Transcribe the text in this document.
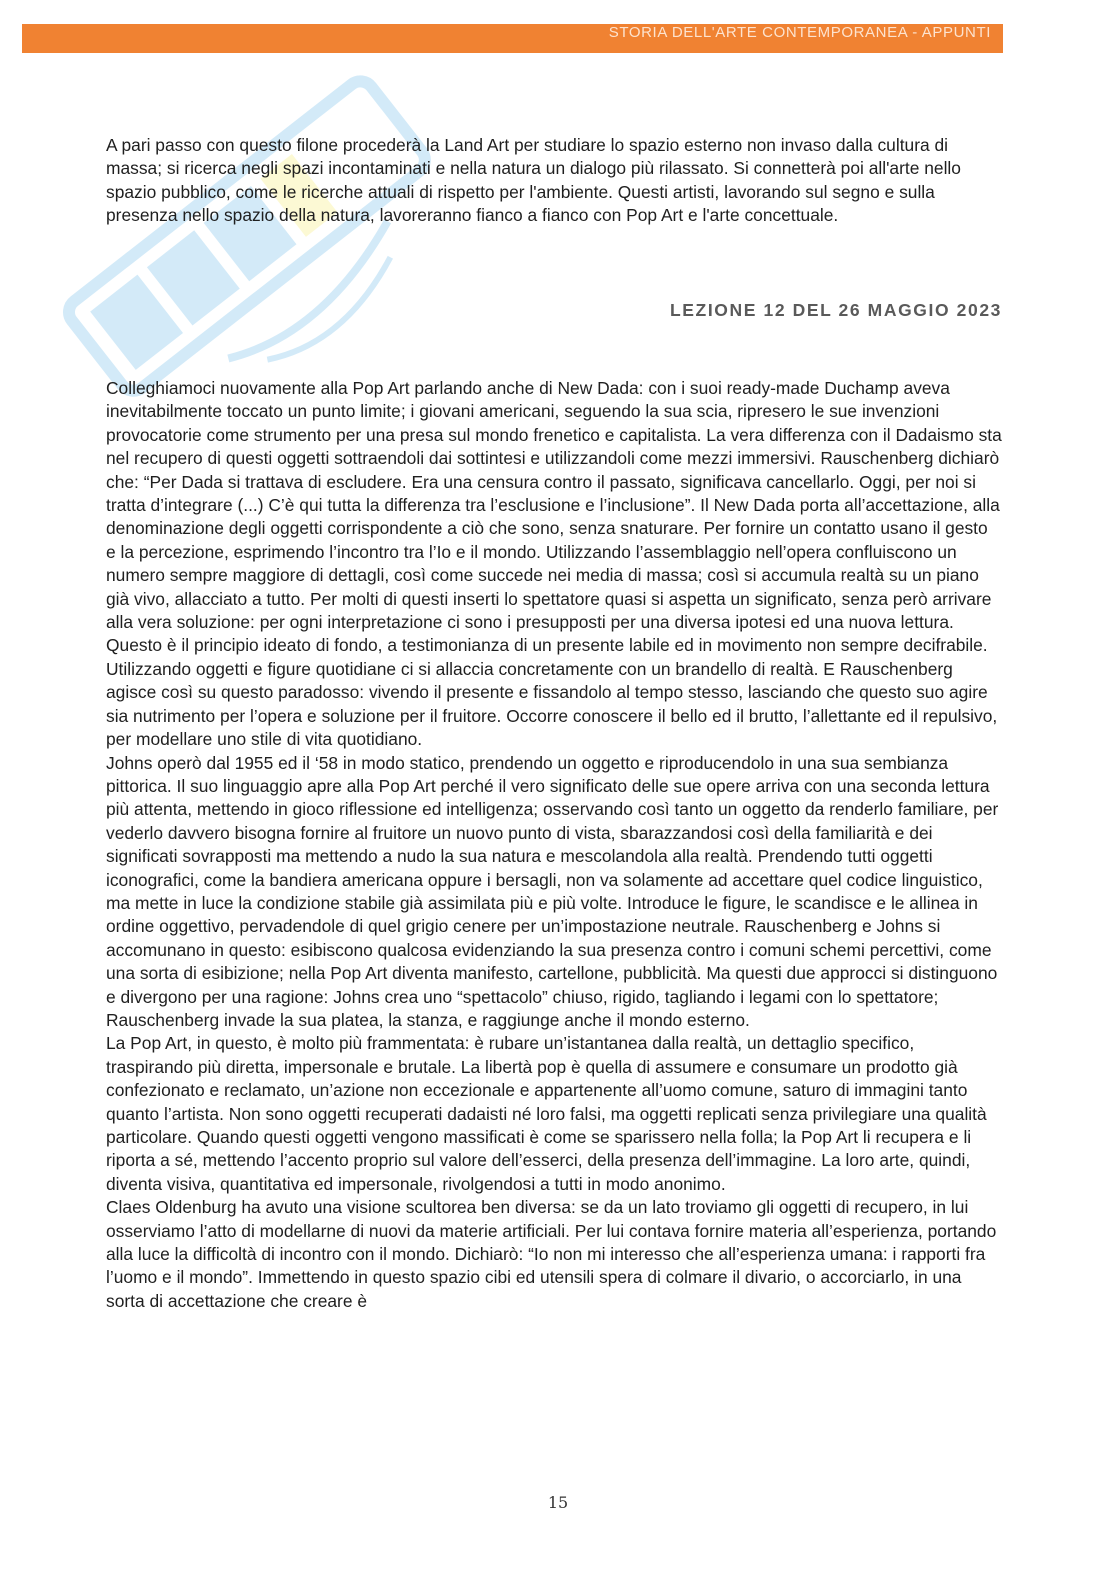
STORIA DELL'ARTE CONTEMPORANEA - APPUNTI

A pari passo con questo filone procederà la Land Art per studiare lo spazio esterno non invaso dalla cultura di massa; si ricerca negli spazi incontaminati e nella natura un dialogo più rilassato. Si connetterà poi all'arte nello spazio pubblico, come le ricerche attuali di rispetto per l'ambiente. Questi artisti, lavorando sul segno e sulla presenza nello spazio della natura, lavoreranno fianco a fianco con Pop Art e l'arte concettuale.

LEZIONE 12 DEL 26 MAGGIO 2023

Colleghiamoci nuovamente alla Pop Art parlando anche di New Dada: con i suoi ready-made Duchamp aveva inevitabilmente toccato un punto limite; i giovani americani, seguendo la sua scia, ripresero le sue invenzioni provocatorie come strumento per una presa sul mondo frenetico e capitalista. La vera differenza con il Dadaismo sta nel recupero di questi oggetti sottraendoli dai sottintesi e utilizzandoli come mezzi immersivi. Rauschenberg dichiarò che: “Per Dada si trattava di escludere. Era una censura contro il passato, significava cancellarlo. Oggi, per noi si tratta d’integrare (...) C’è qui tutta la differenza tra l’esclusione e l’inclusione”. Il New Dada porta all’accettazione, alla denominazione degli oggetti corrispondente a ciò che sono, senza snaturare. Per fornire un contatto usano il gesto e la percezione, esprimendo l’incontro tra l’Io e il mondo. Utilizzando l’assemblaggio nell’opera confluiscono un numero sempre maggiore di dettagli, così come succede nei media di massa; così si accumula realtà su un piano già vivo, allacciato a tutto. Per molti di questi inserti lo spettatore quasi si aspetta un significato, senza però arrivare alla vera soluzione: per ogni interpretazione ci sono i presupposti per una diversa ipotesi ed una nuova lettura. Questo è il principio ideato di fondo, a testimonianza di un presente labile ed in movimento non sempre decifrabile. Utilizzando oggetti e figure quotidiane ci si allaccia concretamente con un brandello di realtà. E Rauschenberg agisce così su questo paradosso: vivendo il presente e fissandolo al tempo stesso, lasciando che questo suo agire sia nutrimento per l’opera e soluzione per il fruitore. Occorre conoscere il bello ed il brutto, l’allettante ed il repulsivo, per modellare uno stile di vita quotidiano.

Johns operò dal 1955 ed il ‘58 in modo statico, prendendo un oggetto e riproducendolo in una sua sembianza pittorica. Il suo linguaggio apre alla Pop Art perché il vero significato delle sue opere arriva con una seconda lettura più attenta, mettendo in gioco riflessione ed intelligenza; osservando così tanto un oggetto da renderlo familiare, per vederlo davvero bisogna fornire al fruitore un nuovo punto di vista, sbarazzandosi così della familiarità e dei significati sovrapposti ma mettendo a nudo la sua natura e mescolandola alla realtà. Prendendo tutti oggetti iconografici, come la bandiera americana oppure i bersagli, non va solamente ad accettare quel codice linguistico, ma mette in luce la condizione stabile già assimilata più e più volte. Introduce le figure, le scandisce e le allinea in ordine oggettivo, pervadendole di quel grigio cenere per un’impostazione neutrale. Rauschenberg e Johns si accomunano in questo: esibiscono qualcosa evidenziando la sua presenza contro i comuni schemi percettivi, come una sorta di esibizione; nella Pop Art diventa manifesto, cartellone, pubblicità. Ma questi due approcci si distinguono e divergono per una ragione: Johns crea uno “spettacolo” chiuso, rigido, tagliando i legami con lo spettatore; Rauschenberg invade la sua platea, la stanza, e raggiunge anche il mondo esterno.

La Pop Art, in questo, è molto più frammentata: è rubare un’istantanea dalla realtà, un dettaglio specifico, traspirando più diretta, impersonale e brutale. La libertà pop è quella di assumere e consumare un prodotto già confezionato e reclamato, un’azione non eccezionale e appartenente all’uomo comune, saturo di immagini tanto quanto l’artista. Non sono oggetti recuperati dadaisti né loro falsi, ma oggetti replicati senza privilegiare una qualità particolare. Quando questi oggetti vengono massificati è come se sparissero nella folla; la Pop Art li recupera e li riporta a sé, mettendo l’accento proprio sul valore dell’esserci, della presenza dell’immagine. La loro arte, quindi, diventa visiva, quantitativa ed impersonale, rivolgendosi a tutti in modo anonimo.

Claes Oldenburg ha avuto una visione scultorea ben diversa: se da un lato troviamo gli oggetti di recupero, in lui osserviamo l’atto di modellarne di nuovi da materie artificiali. Per lui contava fornire materia all’esperienza, portando alla luce la difficoltà di incontro con il mondo. Dichiarò: “Io non mi interesso che all’esperienza umana: i rapporti fra l’uomo e il mondo”. Immettendo in questo spazio cibi ed utensili spera di colmare il divario, o accorciarlo, in una sorta di accettazione che creare è

15
